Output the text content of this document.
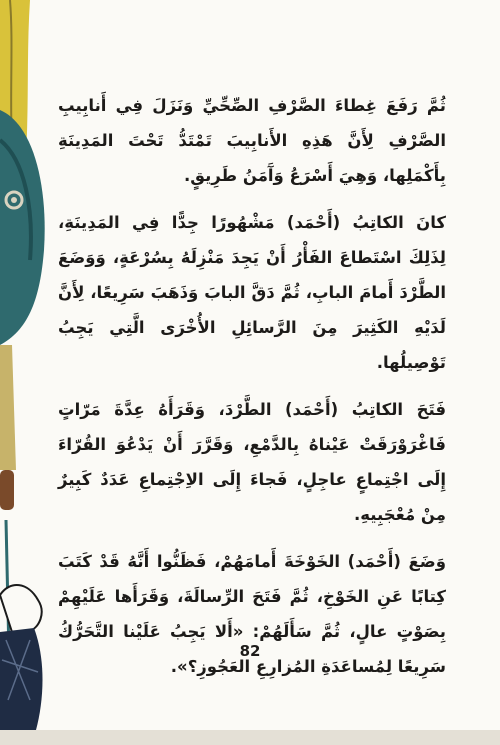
ثُمَّ رَفَعَ غِطاءَ الصَّرْفِ الصِّحِّيِّ وَنَزَلَ فِي أَنابِيبِ الصَّرْفِ لِأَنَّ هَذِهِ الأَنابِيبَ تَمْتَدُّ تَحْتَ المَدِينَةِ بِأَكْمَلِها، وَهِيَ أَسْرَعُ وَآَمَنُ طَرِيقٍ.

كانَ الكاتِبُ (أَحْمَد) مَشْهُورًا جِدًّا فِي المَدِينَةِ، لِذَلِكَ اسْتَطاعَ الفَأْرُ أَنْ يَجِدَ مَنْزِلَهُ بِسُرْعَةٍ، وَوَضَعَ الطَّرْدَ أَمامَ البابِ، ثُمَّ دَقَّ البابَ وَذَهَبَ سَرِيعًا، لِأَنَّ لَدَيْهِ الكَثِيرَ مِنَ الرَّسائِلِ الأُخْرَى الَّتِي يَجِبُ تَوْصِيلُها.

فَتَحَ الكاتِبُ (أَحْمَد) الطَّرْدَ، وَقَرَأَهُ عِدَّةَ مَرّاتٍ فَاغْرَوْرَقَتْ عَيْناهُ بِالدَّمْعِ، وَقَرَّرَ أَنْ يَدْعُوَ القُرّاءَ إِلَى اجْتِماعٍ عاجِلٍ، فَجاءَ إِلَى الاِجْتِماعِ عَدَدٌ كَبِيرٌ مِنْ مُعْجَبِيهِ.

وَضَعَ (أَحْمَد) الخَوْخَةَ أَمامَهُمْ، فَظَنُّوا أَنَّهُ قَدْ كَتَبَ كِتابًا عَنِ الخَوْخِ، ثُمَّ فَتَحَ الرِّسالَةَ، وَقَرَأَها عَلَيْهِمْ بِصَوْتٍ عالٍ، ثُمَّ سَأَلَهُمْ: «أَلا يَجِبُ عَلَيْنا التَّحَرُّكُ سَرِيعًا لِمُساعَدَةِ المُزارِعِ العَجُوزِ؟».

82
